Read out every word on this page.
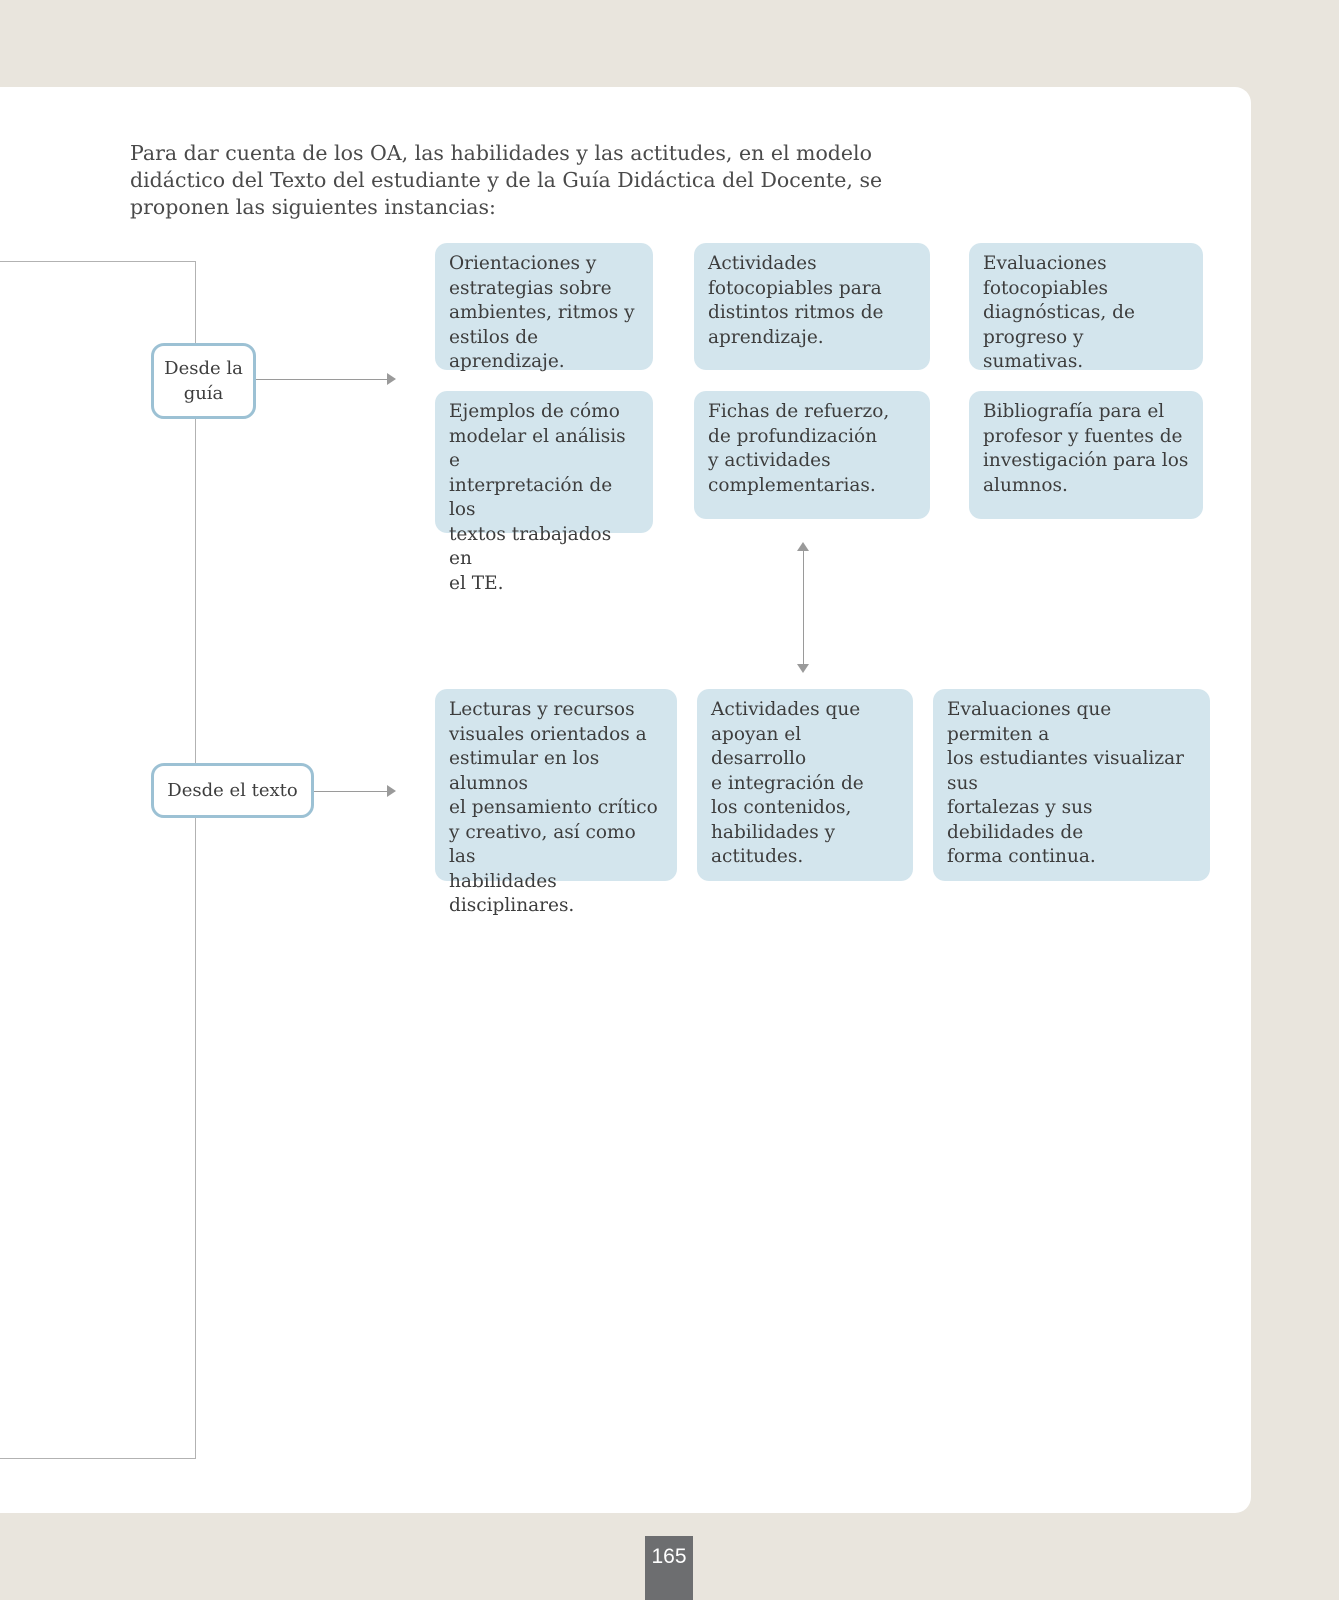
Para dar cuenta de los OA, las habilidades y las actitudes, en el modelo didáctico del Texto del estudiante y de la Guía Didáctica del Docente, se proponen las siguientes instancias:

Desde la
guía
Orientaciones y
estrategias sobre
ambientes, ritmos y
estilos de aprendizaje.
Actividades
fotocopiables para
distintos ritmos de
aprendizaje.
Evaluaciones
fotocopiables
diagnósticas, de
progreso y sumativas.
Ejemplos de cómo
modelar el análisis e
interpretación de los
textos trabajados en
el TE.
Fichas de refuerzo,
de profundización
y actividades
complementarias.
Bibliografía para el
profesor y fuentes de
investigación para los
alumnos.
Desde el texto
Lecturas y recursos
visuales orientados a
estimular en los alumnos
el pensamiento crítico
y creativo, así como las
habilidades disciplinares.
Actividades que
apoyan el desarrollo
e integración de
los contenidos,
habilidades y
actitudes.
Evaluaciones que permiten a
los estudiantes visualizar sus
fortalezas y sus debilidades de
forma continua.
165
